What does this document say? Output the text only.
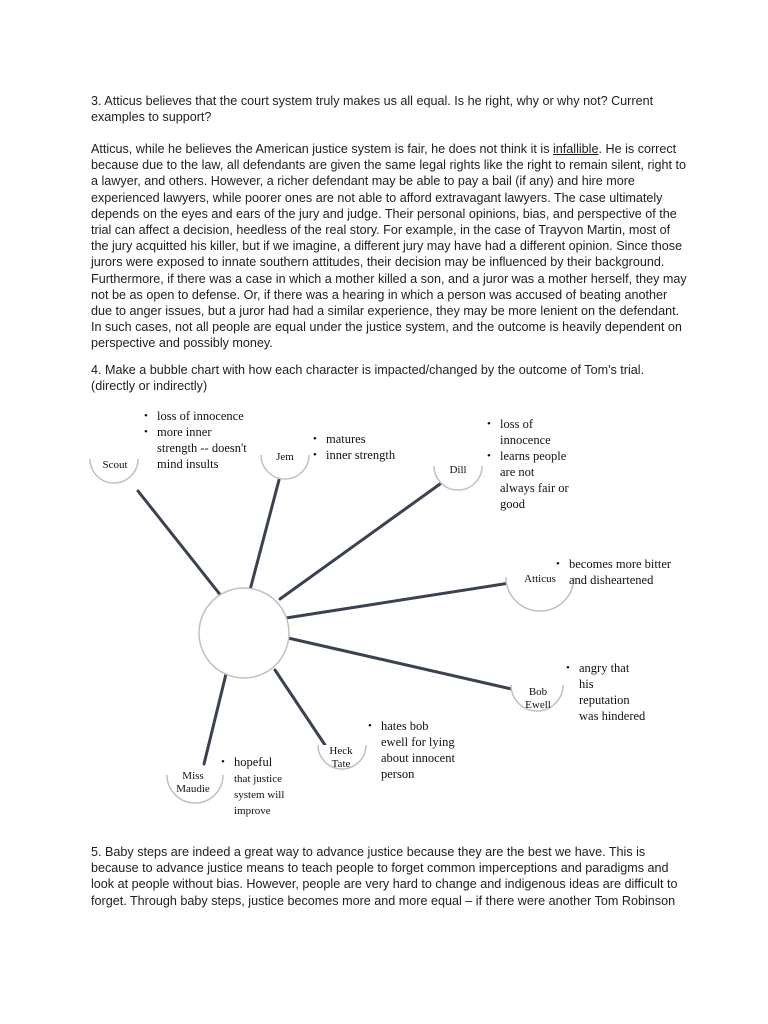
3. Atticus believes that the court system truly makes us all equal. Is he right, why or why not? Current examples to support?

Atticus, while he believes the American justice system is fair, he does not think it is infallible. He is correct because due to the law, all defendants are given the same legal rights like the right to remain silent, right to a lawyer, and others. However, a richer defendant may be able to pay a bail (if any) and hire more experienced lawyers, while poorer ones are not able to afford extravagant lawyers. The case ultimately depends on the eyes and ears of the jury and judge. Their personal opinions, bias, and perspective of the trial can affect a decision, heedless of the real story. For example, in the case of Trayvon Martin, most of the jury acquitted his killer, but if we imagine, a different jury may have had a different opinion. Since those jurors were exposed to innate southern attitudes, their decision may be influenced by their background. Furthermore, if there was a case in which a mother killed a son, and a juror was a mother herself, they may not be as open to defense. Or, if there was a hearing in which a person was accused of beating another due to anger issues, but a juror had had a similar experience, they may be more lenient on the defendant. In such cases, not all people are equal under the justice system, and the outcome is heavily dependent on perspective and possibly money.

4. Make a bubble chart with how each character is impacted/changed by the outcome of Tom's trial. (directly or indirectly)

Scout
Jem
Dill
Atticus
Bob
Ewell
Heck
Tate
Miss
Maudie
• loss of innocence
• more inner strength -- doesn't mind insults
• matures
• inner strength
• loss of innocence
• learns people are not always fair or good
• becomes more bitter and disheartened
• angry that his reputation was hindered
• hates bob ewell for lying about innocent person
• hopeful
that justice system will improve

5. Baby steps are indeed a great way to advance justice because they are the best we have. This is because to advance justice means to teach people to forget common imperceptions and paradigms and look at people without bias. However, people are very hard to change and indigenous ideas are difficult to forget. Through baby steps, justice becomes more and more equal – if there were another Tom Robinson
